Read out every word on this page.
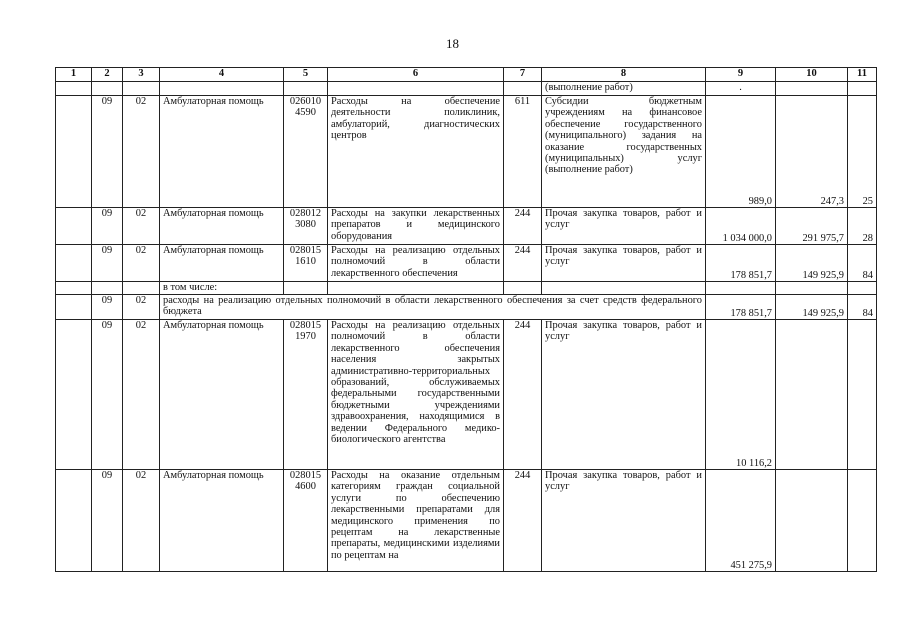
18
1	2	3	4	5	6	7	8	9	10	11
							(выполнение работ)	.		
	09	02	Амбулаторная помощь	026010
4590	Расходы на обеспечение деятельности поликлиник, амбулаторий, диагностических центров	611	Субсидии бюджетным учреждениям на финансовое обеспечение государственного (муниципального) задания на оказание государственных (муниципальных) услуг (выполнение работ)	989,0	247,3	25
	09	02	Амбулаторная помощь	028012
3080	Расходы на закупки лекарственных препаратов и медицинского оборудования	244	Прочая закупка товаров, работ и услуг	1 034 000,0	291 975,7	28
	09	02	Амбулаторная помощь	028015
1610	Расходы на реализацию отдельных полномочий в области лекарственного обеспечения	244	Прочая закупка товаров, работ и услуг	178 851,7	149 925,9	84
			в том числе:							
	09	02	расходы на реализацию отдельных полномочий в области лекарственного обеспечения за счет средств федерального бюджета					178 851,7	149 925,9	84
	09	02	Амбулаторная помощь	028015
1970	Расходы на реализацию отдельных полномочий в области лекарственного обеспечения населения закрытых административно-территориальных образований, обслуживаемых федеральными государственными бюджетными учреждениями здравоохранения, находящимися в ведении Федерального медико-биологического агентства	244	Прочая закупка товаров, работ и услуг	10 116,2		
	09	02	Амбулаторная помощь	028015
4600	Расходы на оказание отдельным категориям граждан социальной услуги по обеспечению лекарственными препаратами для медицинского применения по рецептам на лекарственные препараты, медицинскими изделиями по рецептам на	244	Прочая закупка товаров, работ и услуг	451 275,9		
